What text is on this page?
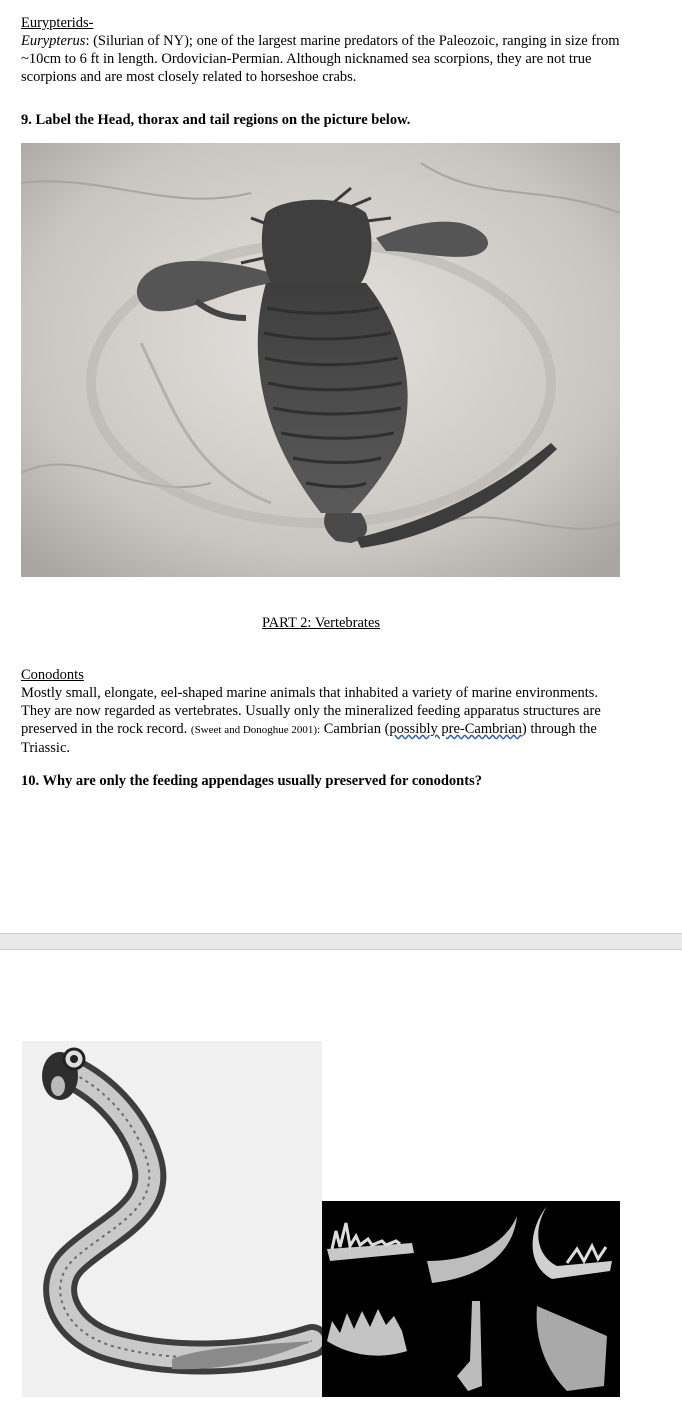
Eurypterids-
Eurypterus: (Silurian of NY); one of the largest marine predators of the Paleozoic, ranging in size from ~10cm to 6 ft in length. Ordovician-Permian. Although nicknamed sea scorpions, they are not true scorpions and are most closely related to horseshoe crabs.
9. Label the Head, thorax and tail regions on the picture below.
PART 2: Vertebrates
Conodonts
Mostly small, elongate, eel-shaped marine animals that inhabited a variety of marine environments. They are now regarded as vertebrates. Usually only the mineralized feeding apparatus structures are preserved in the rock record. (Sweet and Donoghue 2001): Cambrian (possibly pre-Cambrian) through the Triassic.
10. Why are only the feeding appendages usually preserved for conodonts?
